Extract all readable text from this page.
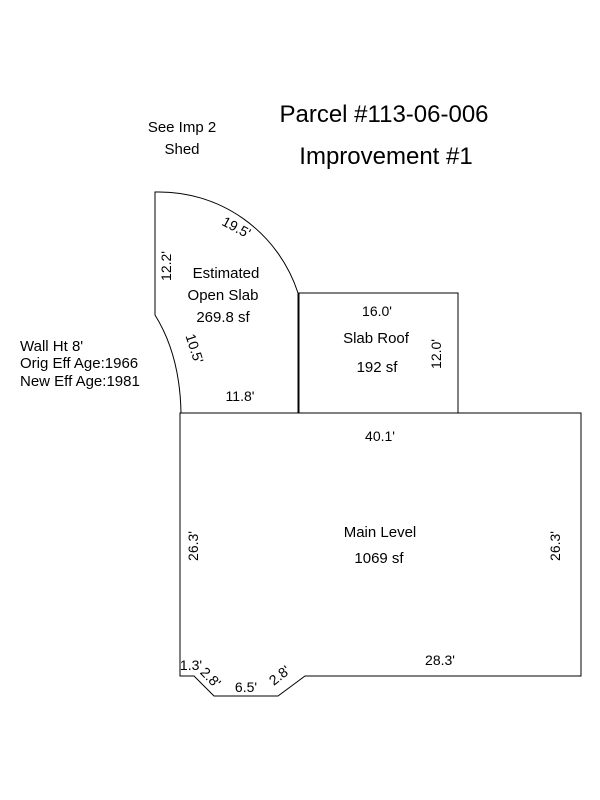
Parcel #113-06-006
Improvement #1
See Imp 2
Shed
Wall Ht 8'
Orig Eff Age:1966
New Eff Age:1981
Estimated
Open Slab
269.8 sf
19.5'
12.2'
10.5'
11.8'
16.0'
Slab Roof
192 sf 12.0'
40.1'
Main Level
1069 sf
26.3'	26.3'
28.3'
1.3'
2.8' 6.5' 2.8'
